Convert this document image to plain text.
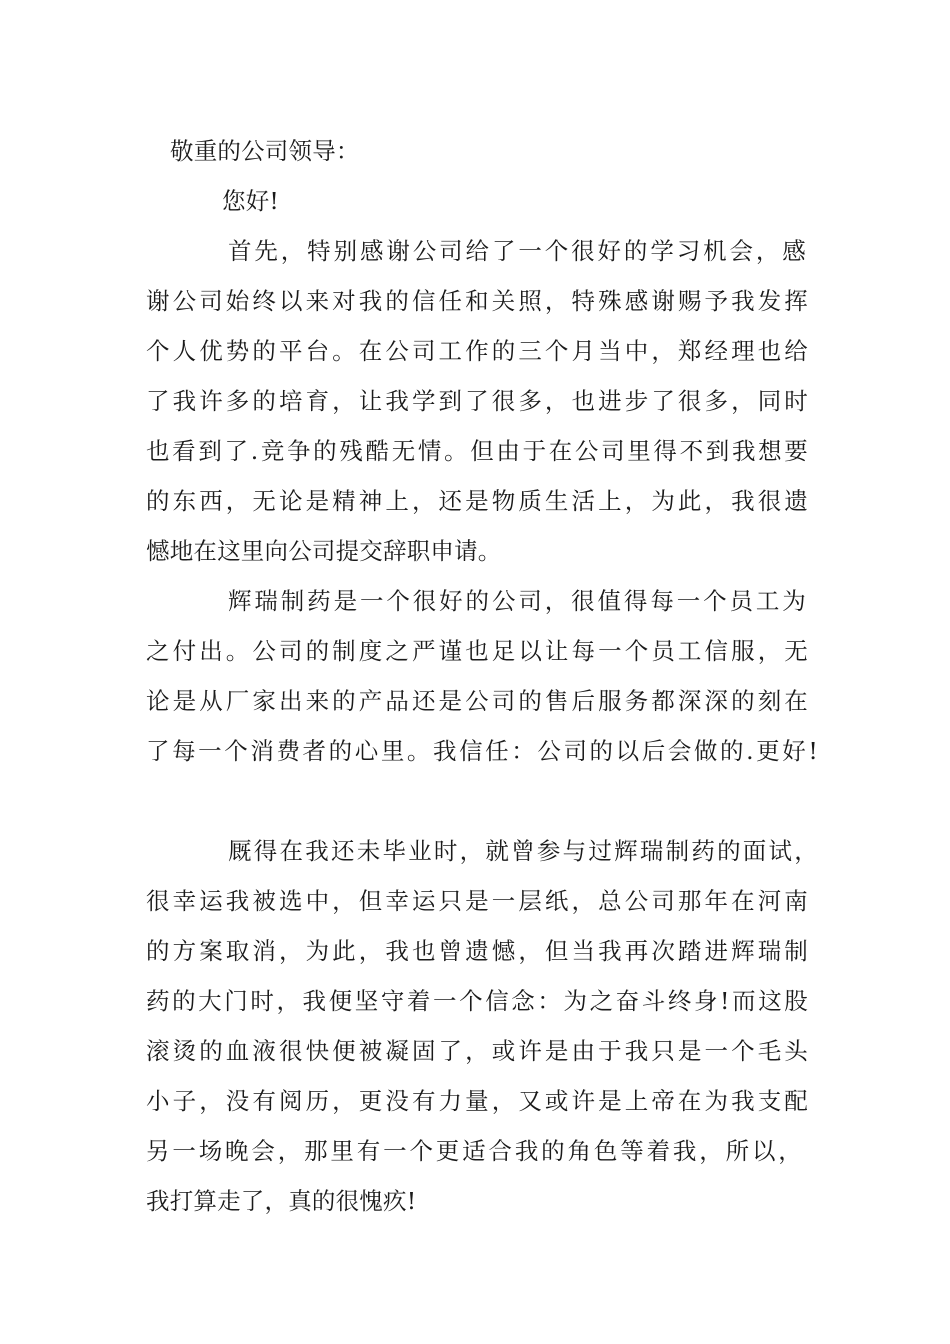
敬重的公司领导：
您好!
首先，特别感谢公司给了一个很好的学习机会，感
谢公司始终以来对我的信任和关照，特殊感谢赐予我发挥
个人优势的平台。在公司工作的三个月当中，郑经理也给
了我许多的培育，让我学到了很多，也进步了很多，同时
也看到了.竞争的残酷无情。但由于在公司里得不到我想要
的东西，无论是精神上，还是物质生活上，为此，我很遗
憾地在这里向公司提交辞职申请。
辉瑞制药是一个很好的公司，很值得每一个员工为
之付出。公司的制度之严谨也足以让每一个员工信服，无
论是从厂家出来的产品还是公司的售后服务都深深的刻在
了每一个消费者的心里。我信任：公司的以后会做的.更好!
厩得在我还未毕业时，就曾参与过辉瑞制药的面试，
很幸运我被选中，但幸运只是一层纸，总公司那年在河南
的方案取消，为此，我也曾遗憾，但当我再次踏进辉瑞制
药的大门时，我便坚守着一个信念：为之奋斗终身!而这股
滚烫的血液很快便被凝固了，或许是由于我只是一个毛头
小子，没有阅历，更没有力量，又或许是上帝在为我支配
另一场晚会，那里有一个更适合我的角色等着我，所以，
我打算走了，真的很愧疚!
